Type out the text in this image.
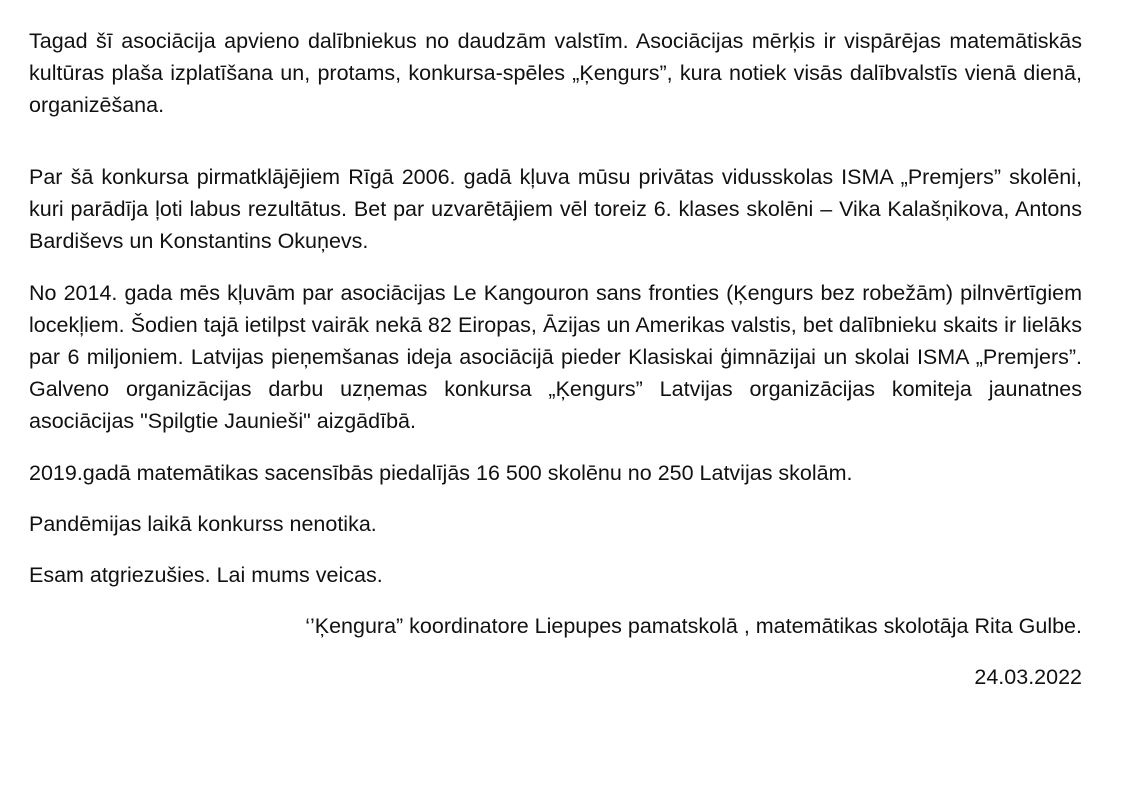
Tagad šī asociācija apvieno dalībniekus no daudzām valstīm. Asociācijas mērķis ir vispārējas matemātiskās kultūras plaša izplatīšana un, protams, konkursa-spēles „Ķengurs”, kura notiek visās dalībvalstīs vienā dienā, organizēšana.

Par šā konkursa pirmatklājējiem Rīgā 2006. gadā kļuva mūsu privātas vidusskolas ISMA „Premjers” skolēni, kuri parādīja ļoti labus rezultātus. Bet par uzvarētājiem vēl toreiz 6. klases skolēni – Vika Kalašņikova, Antons Bardiševs un Konstantins Okuņevs.

No 2014. gada mēs kļuvām par asociācijas Le Kangouron sans fronties (Ķengurs bez robežām) pilnvērtīgiem locekļiem. Šodien tajā ietilpst vairāk nekā 82 Eiropas, Āzijas un Amerikas valstis, bet dalībnieku skaits ir lielāks par 6 miljoniem. Latvijas pieņemšanas ideja asociācijā pieder Klasiskai ģimnāzijai un skolai ISMA „Premjers”. Galveno organizācijas darbu uzņemas konkursa „Ķengurs” Latvijas organizācijas komiteja jaunatnes asociācijas "Spilgtie Jaunieši" aizgādībā.

2019.gadā matemātikas sacensībās piedalījās 16 500 skolēnu no 250 Latvijas skolām.

Pandēmijas laikā konkurss nenotika.

Esam atgriezušies. Lai mums veicas.

‘’Ķengura” koordinatore Liepupes pamatskolā , matemātikas skolotāja Rita Gulbe.

24.03.2022
